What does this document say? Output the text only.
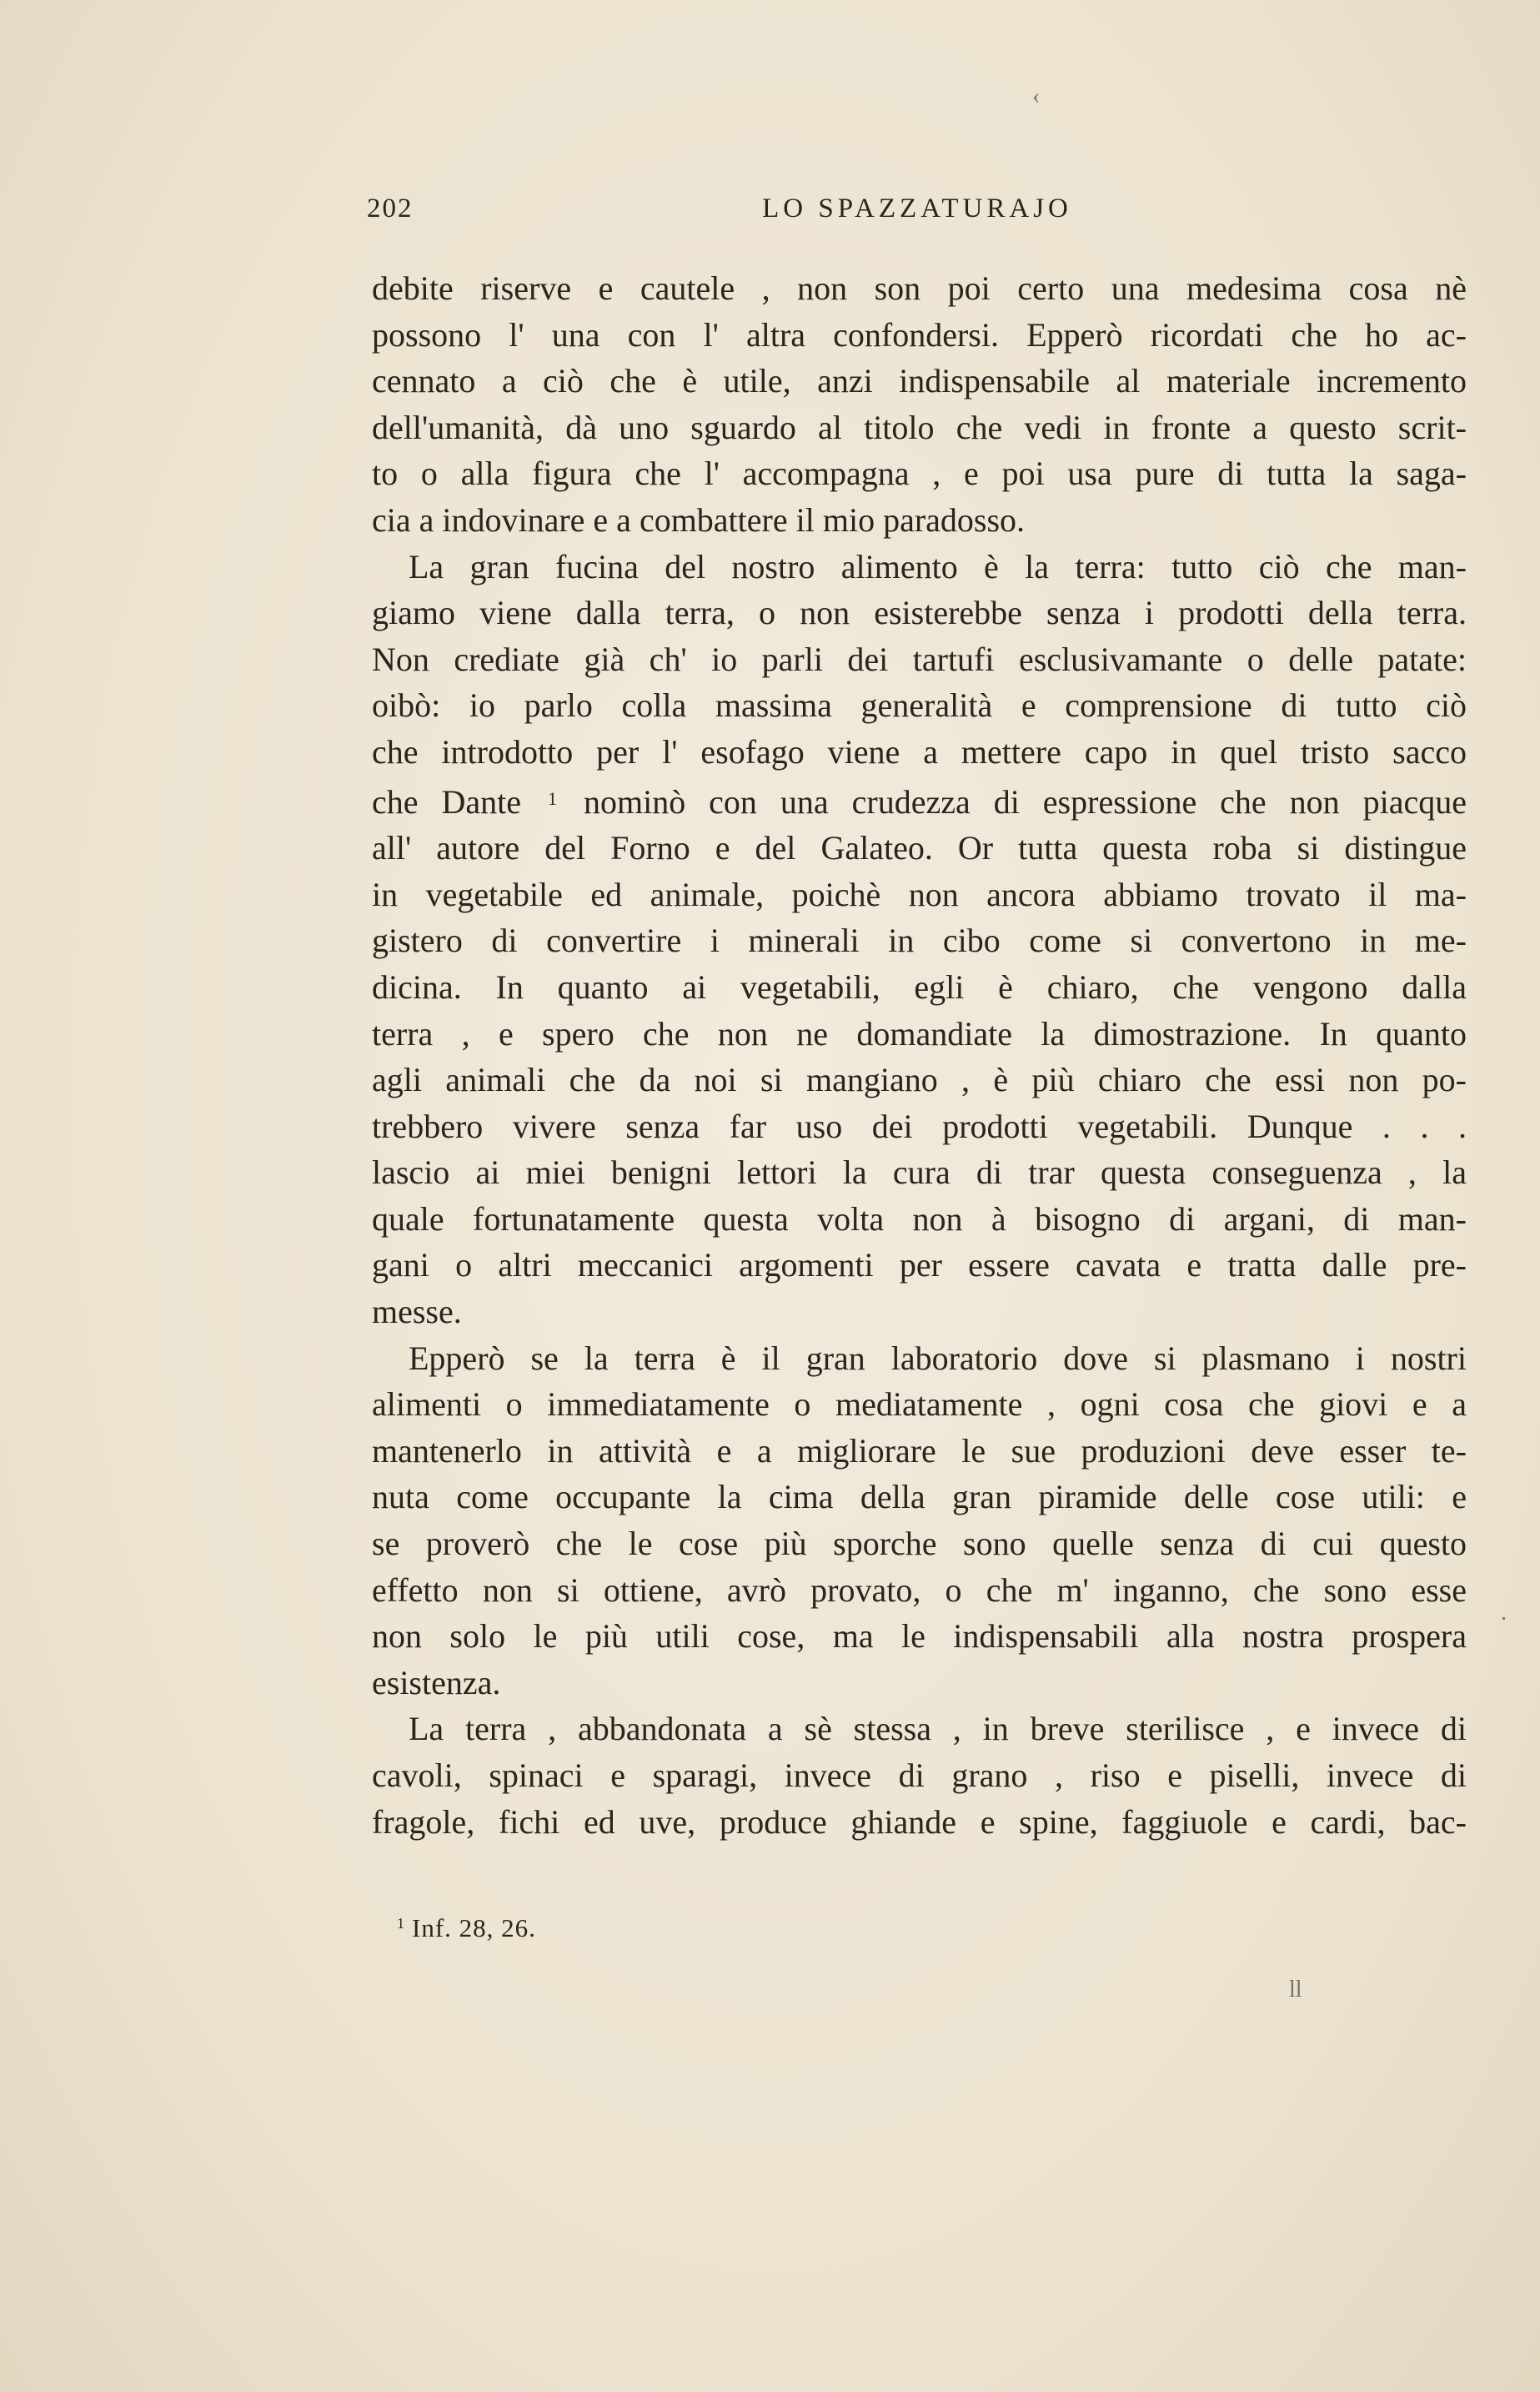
202	LO SPAZZATURAJO

debite riserve e cautele , non son poi certo una medesima cosa nè

possono l' una con l' altra confondersi. Epperò ricordati che ho ac-

cennato a ciò che è utile, anzi indispensabile al materiale incremento

dell'umanità, dà uno sguardo al titolo che vedi in fronte a questo scrit-

to o alla figura che l' accompagna , e poi usa pure di tutta la saga-

cia a indovinare e a combattere il mio paradosso.

La gran fucina del nostro alimento è la terra: tutto ciò che man-

giamo viene dalla terra, o non esisterebbe senza i prodotti della terra.

Non crediate già ch' io parli dei tartufi esclusivamante o delle patate:

oibò: io parlo colla massima generalità e comprensione di tutto ciò

che introdotto per l' esofago viene a mettere capo in quel tristo sacco

che Dante $^1$ nominò con una crudezza di espressione che non piacque

all' autore del Forno e del Galateo. Or tutta questa roba si distingue

in vegetabile ed animale, poichè non ancora abbiamo trovato il ma-

gistero di convertire i minerali in cibo come si convertono in me-

dicina. In quanto ai vegetabili, egli è chiaro, che vengono dalla

terra , e spero che non ne domandiate la dimostrazione. In quanto

agli animali che da noi si mangiano , è più chiaro che essi non po-

trebbero vivere senza far uso dei prodotti vegetabili. Dunque . . .

lascio ai miei benigni lettori la cura di trar questa conseguenza , la

quale fortunatamente questa volta non à bisogno di argani, di man-

gani o altri meccanici argomenti per essere cavata e tratta dalle pre-

messe.

Epperò se la terra è il gran laboratorio dove si plasmano i nostri

alimenti o immediatamente o mediatamente , ogni cosa che giovi e a

mantenerlo in attività e a migliorare le sue produzioni deve esser te-

nuta come occupante la cima della gran piramide delle cose utili: e

se proverò che le cose più sporche sono quelle senza di cui questo

effetto non si ottiene, avrò provato, o che m' inganno, che sono esse

non solo le più utili cose, ma le indispensabili alla nostra prospera

esistenza.

La terra , abbandonata a sè stessa , in breve sterilisce , e invece di

cavoli, spinaci e sparagi, invece di grano , riso e piselli, invece di

fragole, fichi ed uve, produce ghiande e spine, faggiuole e cardi, bac-

$^1$ Inf. 28, 26.
‹
.
ll
